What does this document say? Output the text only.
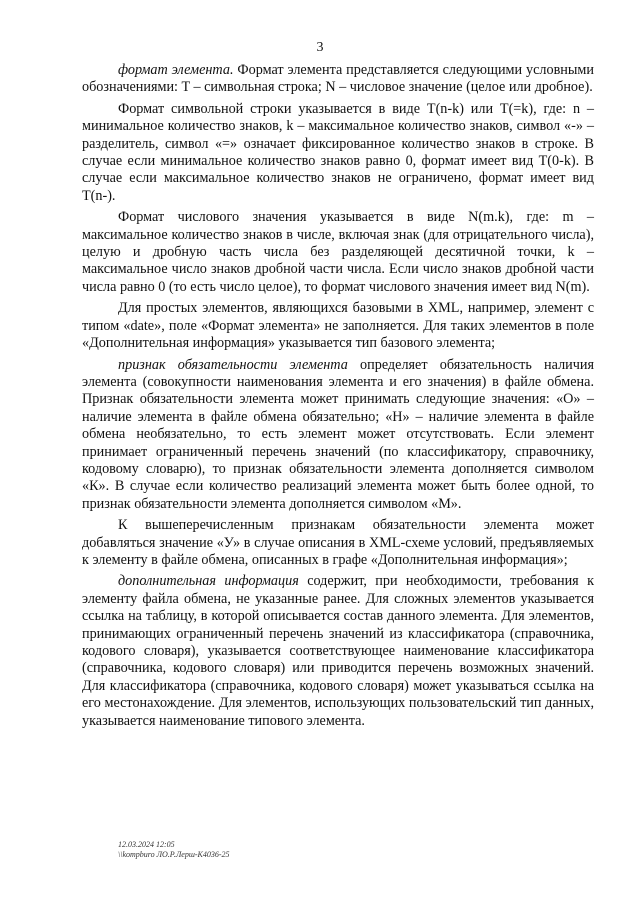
3

формат элемента. Формат элемента представляется следующими условными обозначениями: T – символьная строка; N – числовое значение (целое или дробное).

Формат символьной строки указывается в виде T(n-k) или T(=k), где: n – минимальное количество знаков, k – максимальное количество знаков, символ «-» – разделитель, символ «=» означает фиксированное количество знаков в строке. В случае если минимальное количество знаков равно 0, формат имеет вид T(0-k). В случае если максимальное количество знаков не ограничено, формат имеет вид T(n-).

Формат числового значения указывается в виде N(m.k), где: m – максимальное количество знаков в числе, включая знак (для отрицательного числа), целую и дробную часть числа без разделяющей десятичной точки, k – максимальное число знаков дробной части числа. Если число знаков дробной части числа равно 0 (то есть число целое), то формат числового значения имеет вид N(m).

Для простых элементов, являющихся базовыми в XML, например, элемент с типом «date», поле «Формат элемента» не заполняется. Для таких элементов в поле «Дополнительная информация» указывается тип базового элемента;

признак обязательности элемента определяет обязательность наличия элемента (совокупности наименования элемента и его значения) в файле обмена. Признак обязательности элемента может принимать следующие значения: «О» – наличие элемента в файле обмена обязательно; «Н» – наличие элемента в файле обмена необязательно, то есть элемент может отсутствовать. Если элемент принимает ограниченный перечень значений (по классификатору, справочнику, кодовому словарю), то признак обязательности элемента дополняется символом «К». В случае если количество реализаций элемента может быть более одной, то признак обязательности элемента дополняется символом «М».

К вышеперечисленным признакам обязательности элемента может добавляться значение «У» в случае описания в XML-схеме условий, предъявляемых к элементу в файле обмена, описанных в графе «Дополнительная информация»;

дополнительная информация содержит, при необходимости, требования к элементу файла обмена, не указанные ранее. Для сложных элементов указывается ссылка на таблицу, в которой описывается состав данного элемента. Для элементов, принимающих ограниченный перечень значений из классификатора (справочника, кодового словаря), указывается соответствующее наименование классификатора (справочника, кодового словаря) или приводится перечень возможных значений. Для классификатора (справочника, кодового словаря) может указываться ссылка на его местонахождение. Для элементов, использующих пользовательский тип данных, указывается наименование типового элемента.

12.03.2024 12:05
\\kompburo ЛО.Р.Лерш-К4036-25
